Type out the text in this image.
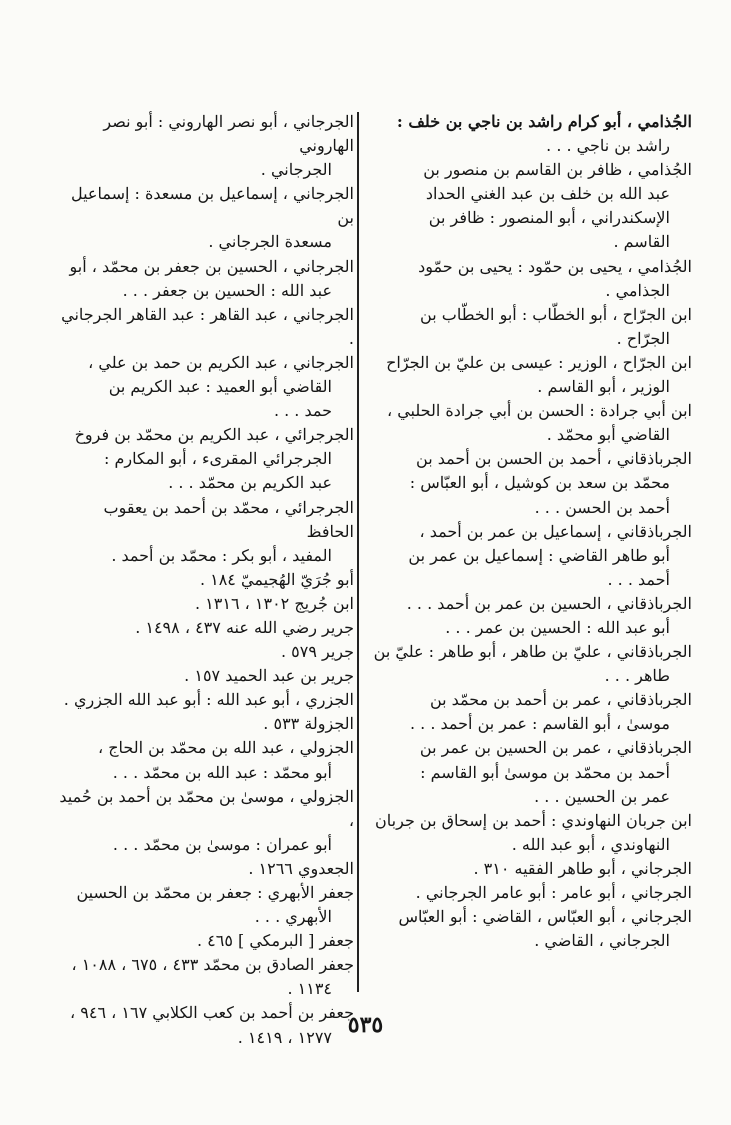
الجُذامي ، أبو كرام راشد بن ناجي بن خلف :
راشد بن ناجي . . .
الجُذامي ، ظافر بن القاسم بن منصور بن
عبد الله بن خلف بن عبد الغني الحداد
الإسكندراني ، أبو المنصور : ظافر بن
القاسم .
الجُذامي ، يحيى بن حمّود : يحيى بن حمّود
الجذامي .
ابن الجرّاح ، أبو الخطّاب : أبو الخطّاب بن
الجرّاح .
ابن الجرّاح ، الوزير : عيسى بن عليّ بن الجرّاح
الوزير ، أبو القاسم .
ابن أبي جرادة : الحسن بن أبي جرادة الحلبي ،
القاضي أبو محمّد .
الجرباذقاني ، أحمد بن الحسن بن أحمد بن
محمّد بن سعد بن كوشيل ، أبو العبّاس :
أحمد بن الحسن . . .
الجرباذقاني ، إسماعيل بن عمر بن أحمد ،
أبو طاهر القاضي : إسماعيل بن عمر بن
أحمد . . .
الجرباذقاني ، الحسين بن عمر بن أحمد . . .
أبو عبد الله : الحسين بن عمر . . .
الجرباذقاني ، عليّ بن طاهر ، أبو طاهر : عليّ بن
طاهر . . .
الجرباذقاني ، عمر بن أحمد بن محمّد بن
موسىٰ ، أبو القاسم : عمر بن أحمد . . .
الجرباذقاني ، عمر بن الحسين بن عمر بن
أحمد بن محمّد بن موسىٰ أبو القاسم :
عمر بن الحسين . . .
ابن جربان النهاوندي : أحمد بن إسحاق بن جربان
النهاوندي ، أبو عبد الله .
الجرجاني ، أبو طاهر الفقيه ٣١٠ .
الجرجاني ، أبو عامر : أبو عامر الجرجاني .
الجرجاني ، أبو العبّاس ، القاضي : أبو العبّاس
الجرجاني ، القاضي .
الجرجاني ، أبو نصر الهاروني : أبو نصر الهاروني
الجرجاني .
الجرجاني ، إسماعيل بن مسعدة : إسماعيل بن
مسعدة الجرجاني .
الجرجاني ، الحسين بن جعفر بن محمّد ، أبو
عبد الله : الحسين بن جعفر . . .
الجرجاني ، عبد القاهر : عبد القاهر الجرجاني .
الجرجاني ، عبد الكريم بن حمد بن علي ،
القاضي أبو العميد : عبد الكريم بن
حمد . . .
الجرجرائي ، عبد الكريم بن محمّد بن فروخ
الجرجرائي المقرىء ، أبو المكارم :
عبد الكريم بن محمّد . . .
الجرجرائي ، محمّد بن أحمد بن يعقوب الحافظ
المفيد ، أبو بكر : محمّد بن أحمد .
أبو جُرَيّ الهُجيميّ ١٨٤ .
ابن جُريج ١٣٠٢ ، ١٣١٦ .
جرير رضي الله عنه ٤٣٧ ، ١٤٩٨ .
جرير ٥٧٩ .
جرير بن عبد الحميد ١٥٧ .
الجزري ، أبو عبد الله : أبو عبد الله الجزري .
الجزولة ٥٣٣ .
الجزولي ، عبد الله بن محمّد بن الحاج ،
أبو محمّد : عبد الله بن محمّد . . .
الجزولي ، موسىٰ بن محمّد بن أحمد بن حُميد ،
أبو عمران : موسىٰ بن محمّد . . .
الجعدوي ١٢٦٦ .
جعفر الأبهري : جعفر بن محمّد بن الحسين
الأبهري . . .
جعفر [ البرمكي ] ٤٦٥ .
جعفر الصادق بن محمّد ٤٣٣ ، ٦٧٥ ، ١٠٨٨ ،
١١٣٤ .
جعفر بن أحمد بن كعب الكلابي ١٦٧ ، ٩٤٦ ،
١٢٧٧ ، ١٤١٩ . ٥٣٥
